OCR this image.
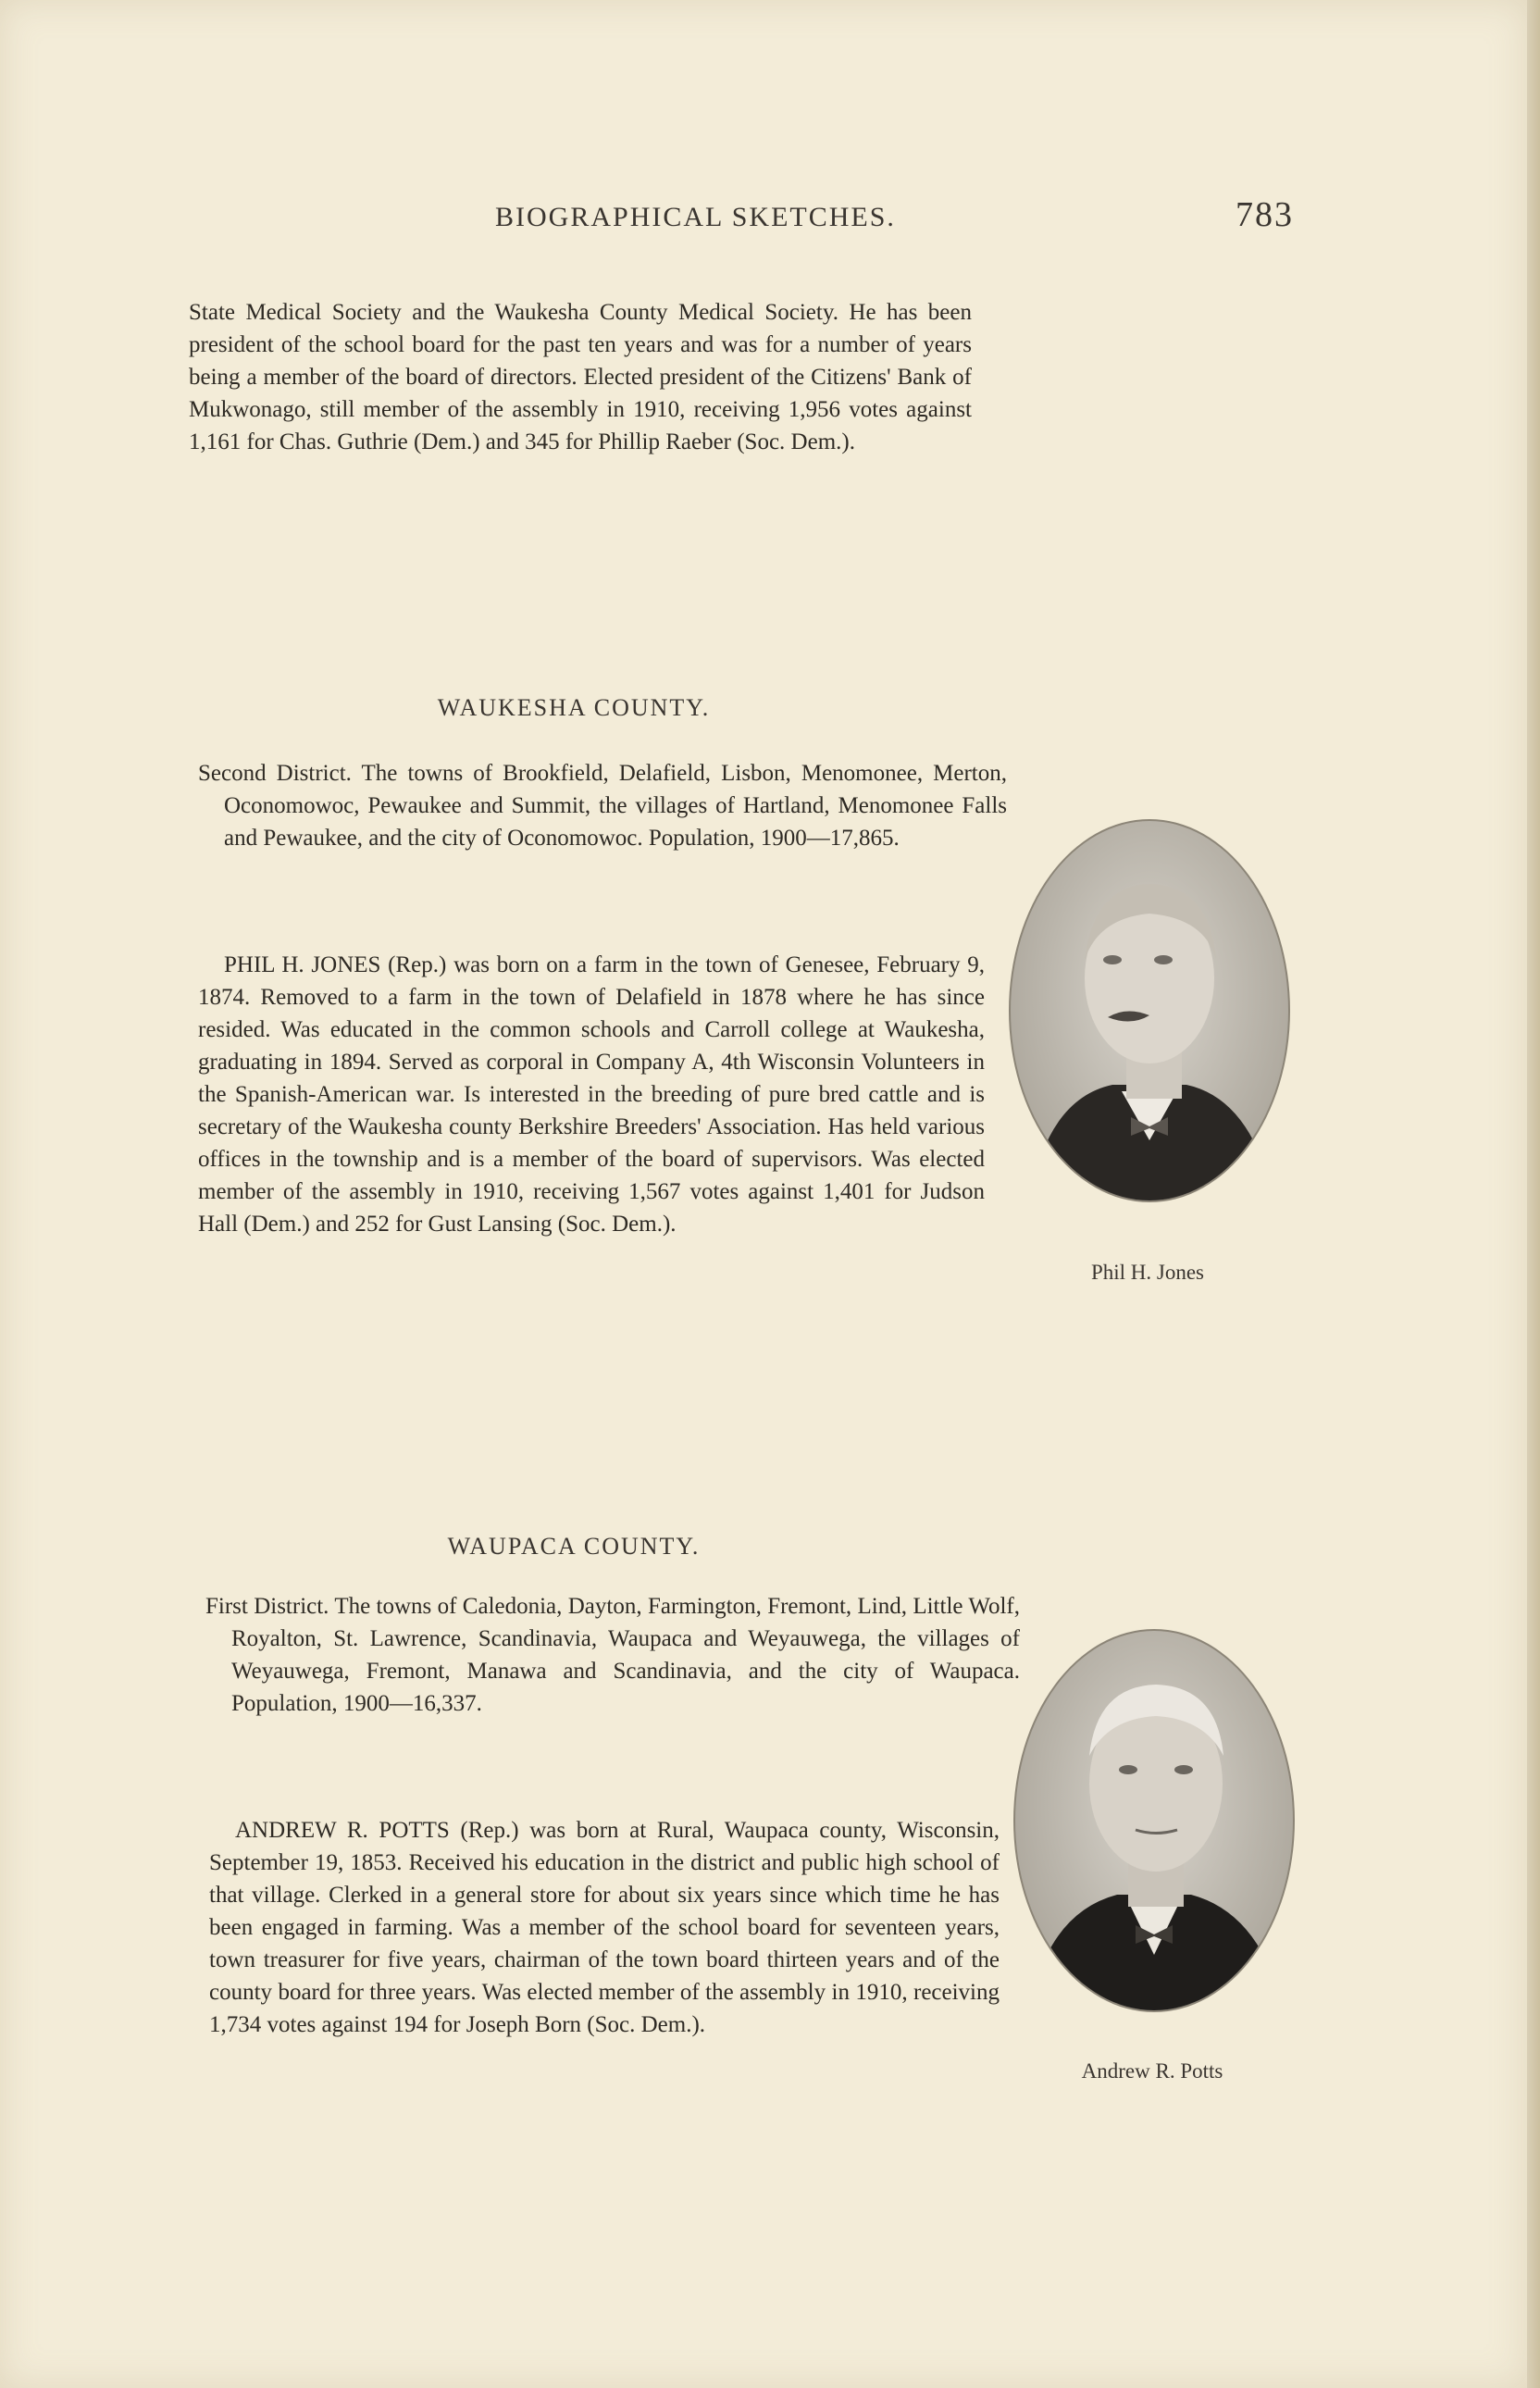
BIOGRAPHICAL SKETCHES.	783

State Medical Society and the Waukesha County Medical Society. He has been president of the school board for the past ten years and was for a number of years being a member of the board of directors. Elected president of the Citizens' Bank of Mukwonago, still member of the assembly in 1910, receiving 1,956 votes against 1,161 for Chas. Guthrie (Dem.) and 345 for Phillip Raeber (Soc. Dem.).

WAUKESHA COUNTY.

Second District. The towns of Brookfield, Delafield, Lisbon, Menomonee, Merton, Oconomowoc, Pewaukee and Summit, the villages of Hartland, Menomonee Falls and Pewaukee, and the city of Oconomowoc. Population, 1900—17,865.

PHIL H. JONES (Rep.) was born on a farm in the town of Genesee, February 9, 1874. Removed to a farm in the town of Delafield in 1878 where he has since resided. Was educated in the common schools and Carroll college at Waukesha, graduating in 1894. Served as corporal in Company A, 4th Wisconsin Volunteers in the Spanish-American war. Is interested in the breeding of pure bred cattle and is secretary of the Waukesha county Berkshire Breeders' Association. Has held various offices in the township and is a member of the board of supervisors. Was elected member of the assembly in 1910, receiving 1,567 votes against 1,401 for Judson Hall (Dem.) and 252 for Gust Lansing (Soc. Dem.).

Phil H. Jones

WAUPACA COUNTY.

First District. The towns of Caledonia, Dayton, Farmington, Fremont, Lind, Little Wolf, Royalton, St. Lawrence, Scandinavia, Waupaca and Weyauwega, the villages of Weyauwega, Fremont, Manawa and Scandinavia, and the city of Waupaca. Population, 1900—16,337.

ANDREW R. POTTS (Rep.) was born at Rural, Waupaca county, Wisconsin, September 19, 1853. Received his education in the district and public high school of that village. Clerked in a general store for about six years since which time he has been engaged in farming. Was a member of the school board for seventeen years, town treasurer for five years, chairman of the town board thirteen years and of the county board for three years. Was elected member of the assembly in 1910, receiving 1,734 votes against 194 for Joseph Born (Soc. Dem.).

Andrew R. Potts
